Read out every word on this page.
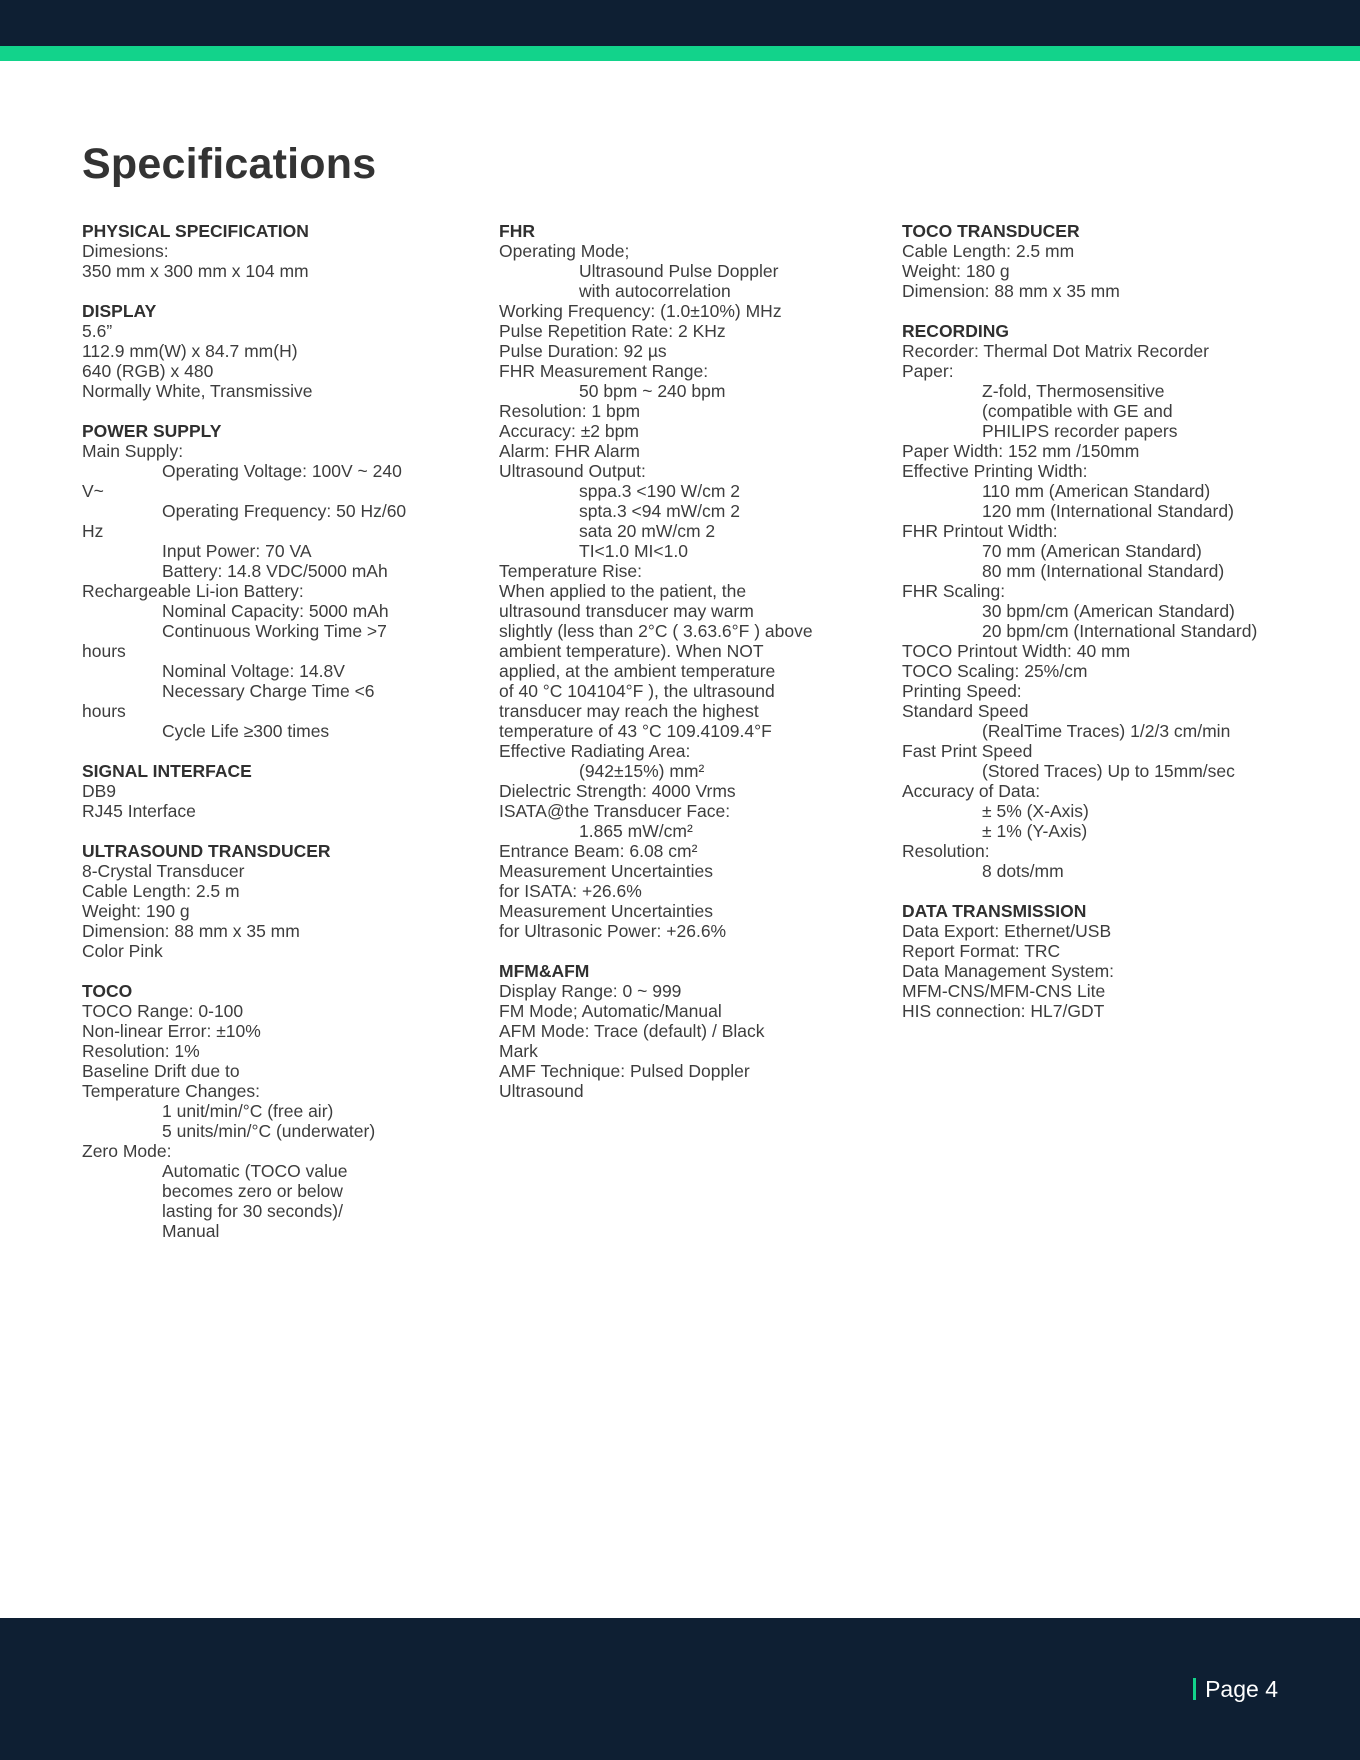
Specifications
PHYSICAL SPECIFICATION
Dimesions:
350 mm x 300 mm x 104 mm
DISPLAY
5.6”
112.9 mm(W) x 84.7 mm(H)
640 (RGB) x 480
Normally White, Transmissive
POWER SUPPLY
Main Supply:
Operating Voltage: 100V ~ 240
V~
Operating Frequency: 50 Hz/60
Hz
Input Power: 70 VA
Battery: 14.8 VDC/5000 mAh
Rechargeable Li-ion Battery:
Nominal Capacity: 5000 mAh
Continuous Working Time >7
hours
Nominal Voltage: 14.8V
Necessary Charge Time <6
hours
Cycle Life ≥300 times
SIGNAL INTERFACE
DB9
RJ45 Interface
ULTRASOUND TRANSDUCER
8-Crystal Transducer
Cable Length: 2.5 m
Weight: 190 g
Dimension: 88 mm x 35 mm
Color Pink
TOCO
TOCO Range: 0-100
Non-linear Error: ±10%
Resolution: 1%
Baseline Drift due to
Temperature Changes:
1 unit/min/°C (free air)
5 units/min/°C (underwater)
Zero Mode:
Automatic (TOCO value
becomes zero or below
lasting for 30 seconds)/
Manual
FHR
Operating Mode;
Ultrasound Pulse Doppler
with autocorrelation
Working Frequency: (1.0±10%) MHz
Pulse Repetition Rate: 2 KHz
Pulse Duration: 92 µs
FHR Measurement Range:
50 bpm ~ 240 bpm
Resolution: 1 bpm
Accuracy: ±2 bpm
Alarm: FHR Alarm
Ultrasound Output:
sppa.3 <190 W/cm 2
spta.3 <94 mW/cm 2
sata 20 mW/cm 2
TI<1.0 MI<1.0
Temperature Rise:
When applied to the patient, the
ultrasound transducer may warm
slightly (less than 2°C ( 3.63.6°F ) above
ambient temperature). When NOT
applied, at the ambient temperature
of 40 °C 104104°F ), the ultrasound
transducer may reach the highest
temperature of 43 °C 109.4109.4°F
Effective Radiating Area:
(942±15%) mm²
Dielectric Strength: 4000 Vrms
ISATA@the Transducer Face:
1.865 mW/cm²
Entrance Beam: 6.08 cm²
Measurement Uncertainties
for ISATA: +26.6%
Measurement Uncertainties
for Ultrasonic Power: +26.6%
MFM&AFM
Display Range: 0 ~ 999
FM Mode; Automatic/Manual
AFM Mode: Trace (default) / Black
Mark
AMF Technique: Pulsed Doppler
Ultrasound
TOCO TRANSDUCER
Cable Length: 2.5 mm
Weight: 180 g
Dimension: 88 mm x 35 mm
RECORDING
Recorder: Thermal Dot Matrix Recorder
Paper:
Z-fold, Thermosensitive
(compatible with GE and
PHILIPS recorder papers
Paper Width: 152 mm /150mm
Effective Printing Width:
110 mm (American Standard)
120 mm (International Standard)
FHR Printout Width:
70 mm (American Standard)
80 mm (International Standard)
FHR Scaling:
30 bpm/cm (American Standard)
20 bpm/cm (International Standard)
TOCO Printout Width: 40 mm
TOCO Scaling: 25%/cm
Printing Speed:
Standard Speed
(RealTime Traces) 1/2/3 cm/min
Fast Print Speed
(Stored Traces) Up to 15mm/sec
Accuracy of Data:
± 5% (X-Axis)
± 1% (Y-Axis)
Resolution:
8 dots/mm
DATA TRANSMISSION
Data Export: Ethernet/USB
Report Format: TRC
Data Management System:
MFM-CNS/MFM-CNS Lite
HIS connection: HL7/GDT
Page 4
